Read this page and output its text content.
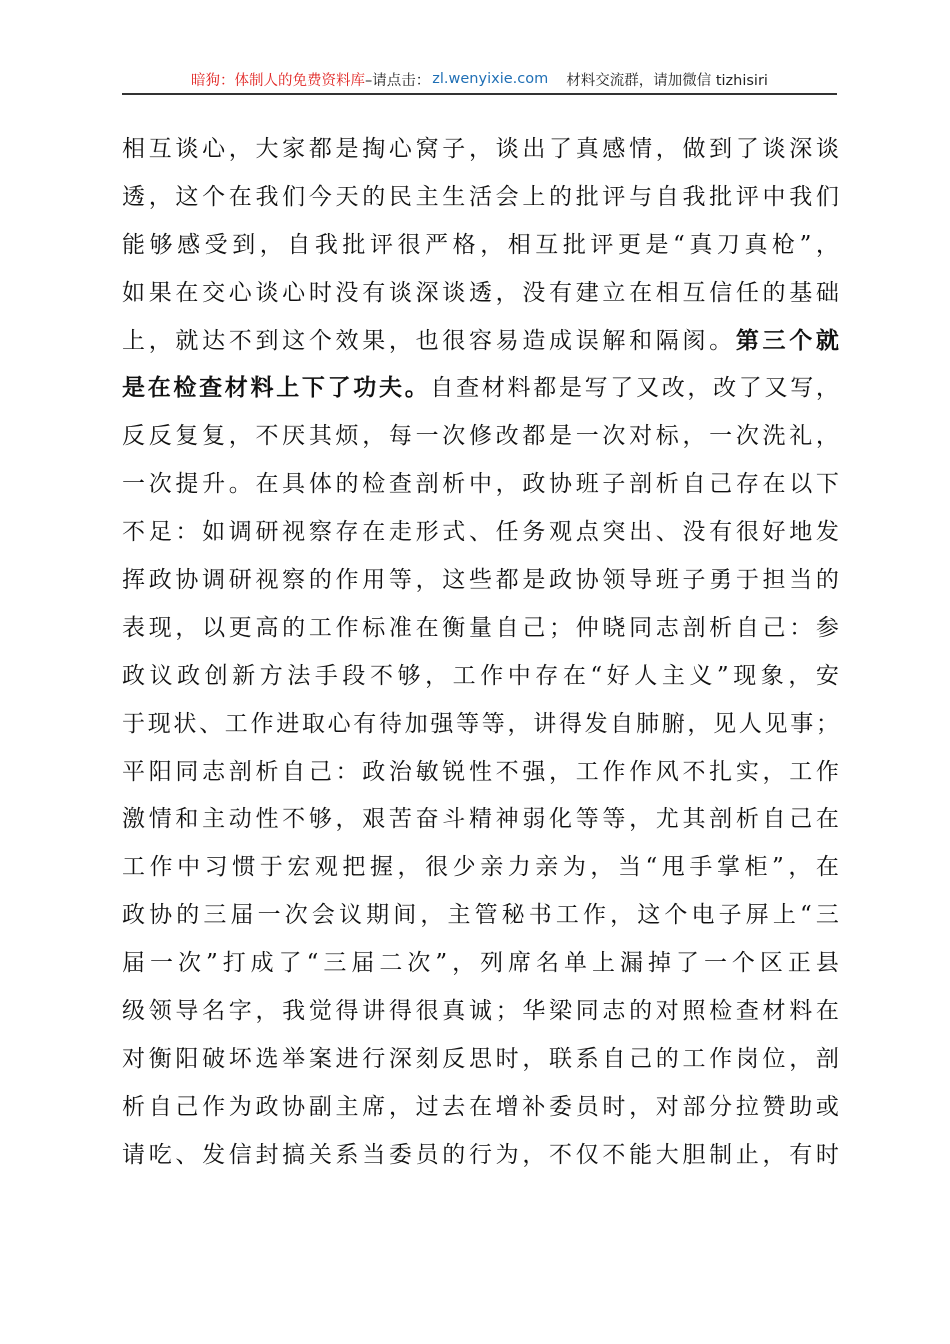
暗狗：体制人的免费资料库 –请点击： zl.wenyixie.com 材料交流群，请加微信 tizhisiri
相互谈心，大家都是掏心窝子，谈出了真感情，做到了谈深谈
透，这个在我们今天的民主生活会上的批评与自我批评中我们
能够感受到，自我批评很严格，相互批评更是“真刀真枪”，
如果在交心谈心时没有谈深谈透，没有建立在相互信任的基础
上，就达不到这个效果，也很容易造成误解和隔阂。第三个就
是在检查材料上下了功夫。自查材料都是写了又改，改了又写，
反反复复，不厌其烦，每一次修改都是一次对标，一次洗礼，
一次提升。在具体的检查剖析中，政协班子剖析自己存在以下
不足：如调研视察存在走形式、任务观点突出、没有很好地发
挥政协调研视察的作用等，这些都是政协领导班子勇于担当的
表现，以更高的工作标准在衡量自己；仲晓同志剖析自己：参
政议政创新方法手段不够，工作中存在“好人主义”现象，安
于现状、工作进取心有待加强等等，讲得发自肺腑，见人见事；
平阳同志剖析自己：政治敏锐性不强，工作作风不扎实，工作
激情和主动性不够，艰苦奋斗精神弱化等等，尤其剖析自己在
工作中习惯于宏观把握，很少亲力亲为，当“甩手掌柜”，在
政协的三届一次会议期间，主管秘书工作，这个电子屏上“三
届一次”打成了“三届二次”，列席名单上漏掉了一个区正县
级领导名字，我觉得讲得很真诚；华梁同志的对照检查材料在
对衡阳破坏选举案进行深刻反思时，联系自己的工作岗位，剖
析自己作为政协副主席，过去在增补委员时，对部分拉赞助或
请吃、发信封搞关系当委员的行为，不仅不能大胆制止，有时
